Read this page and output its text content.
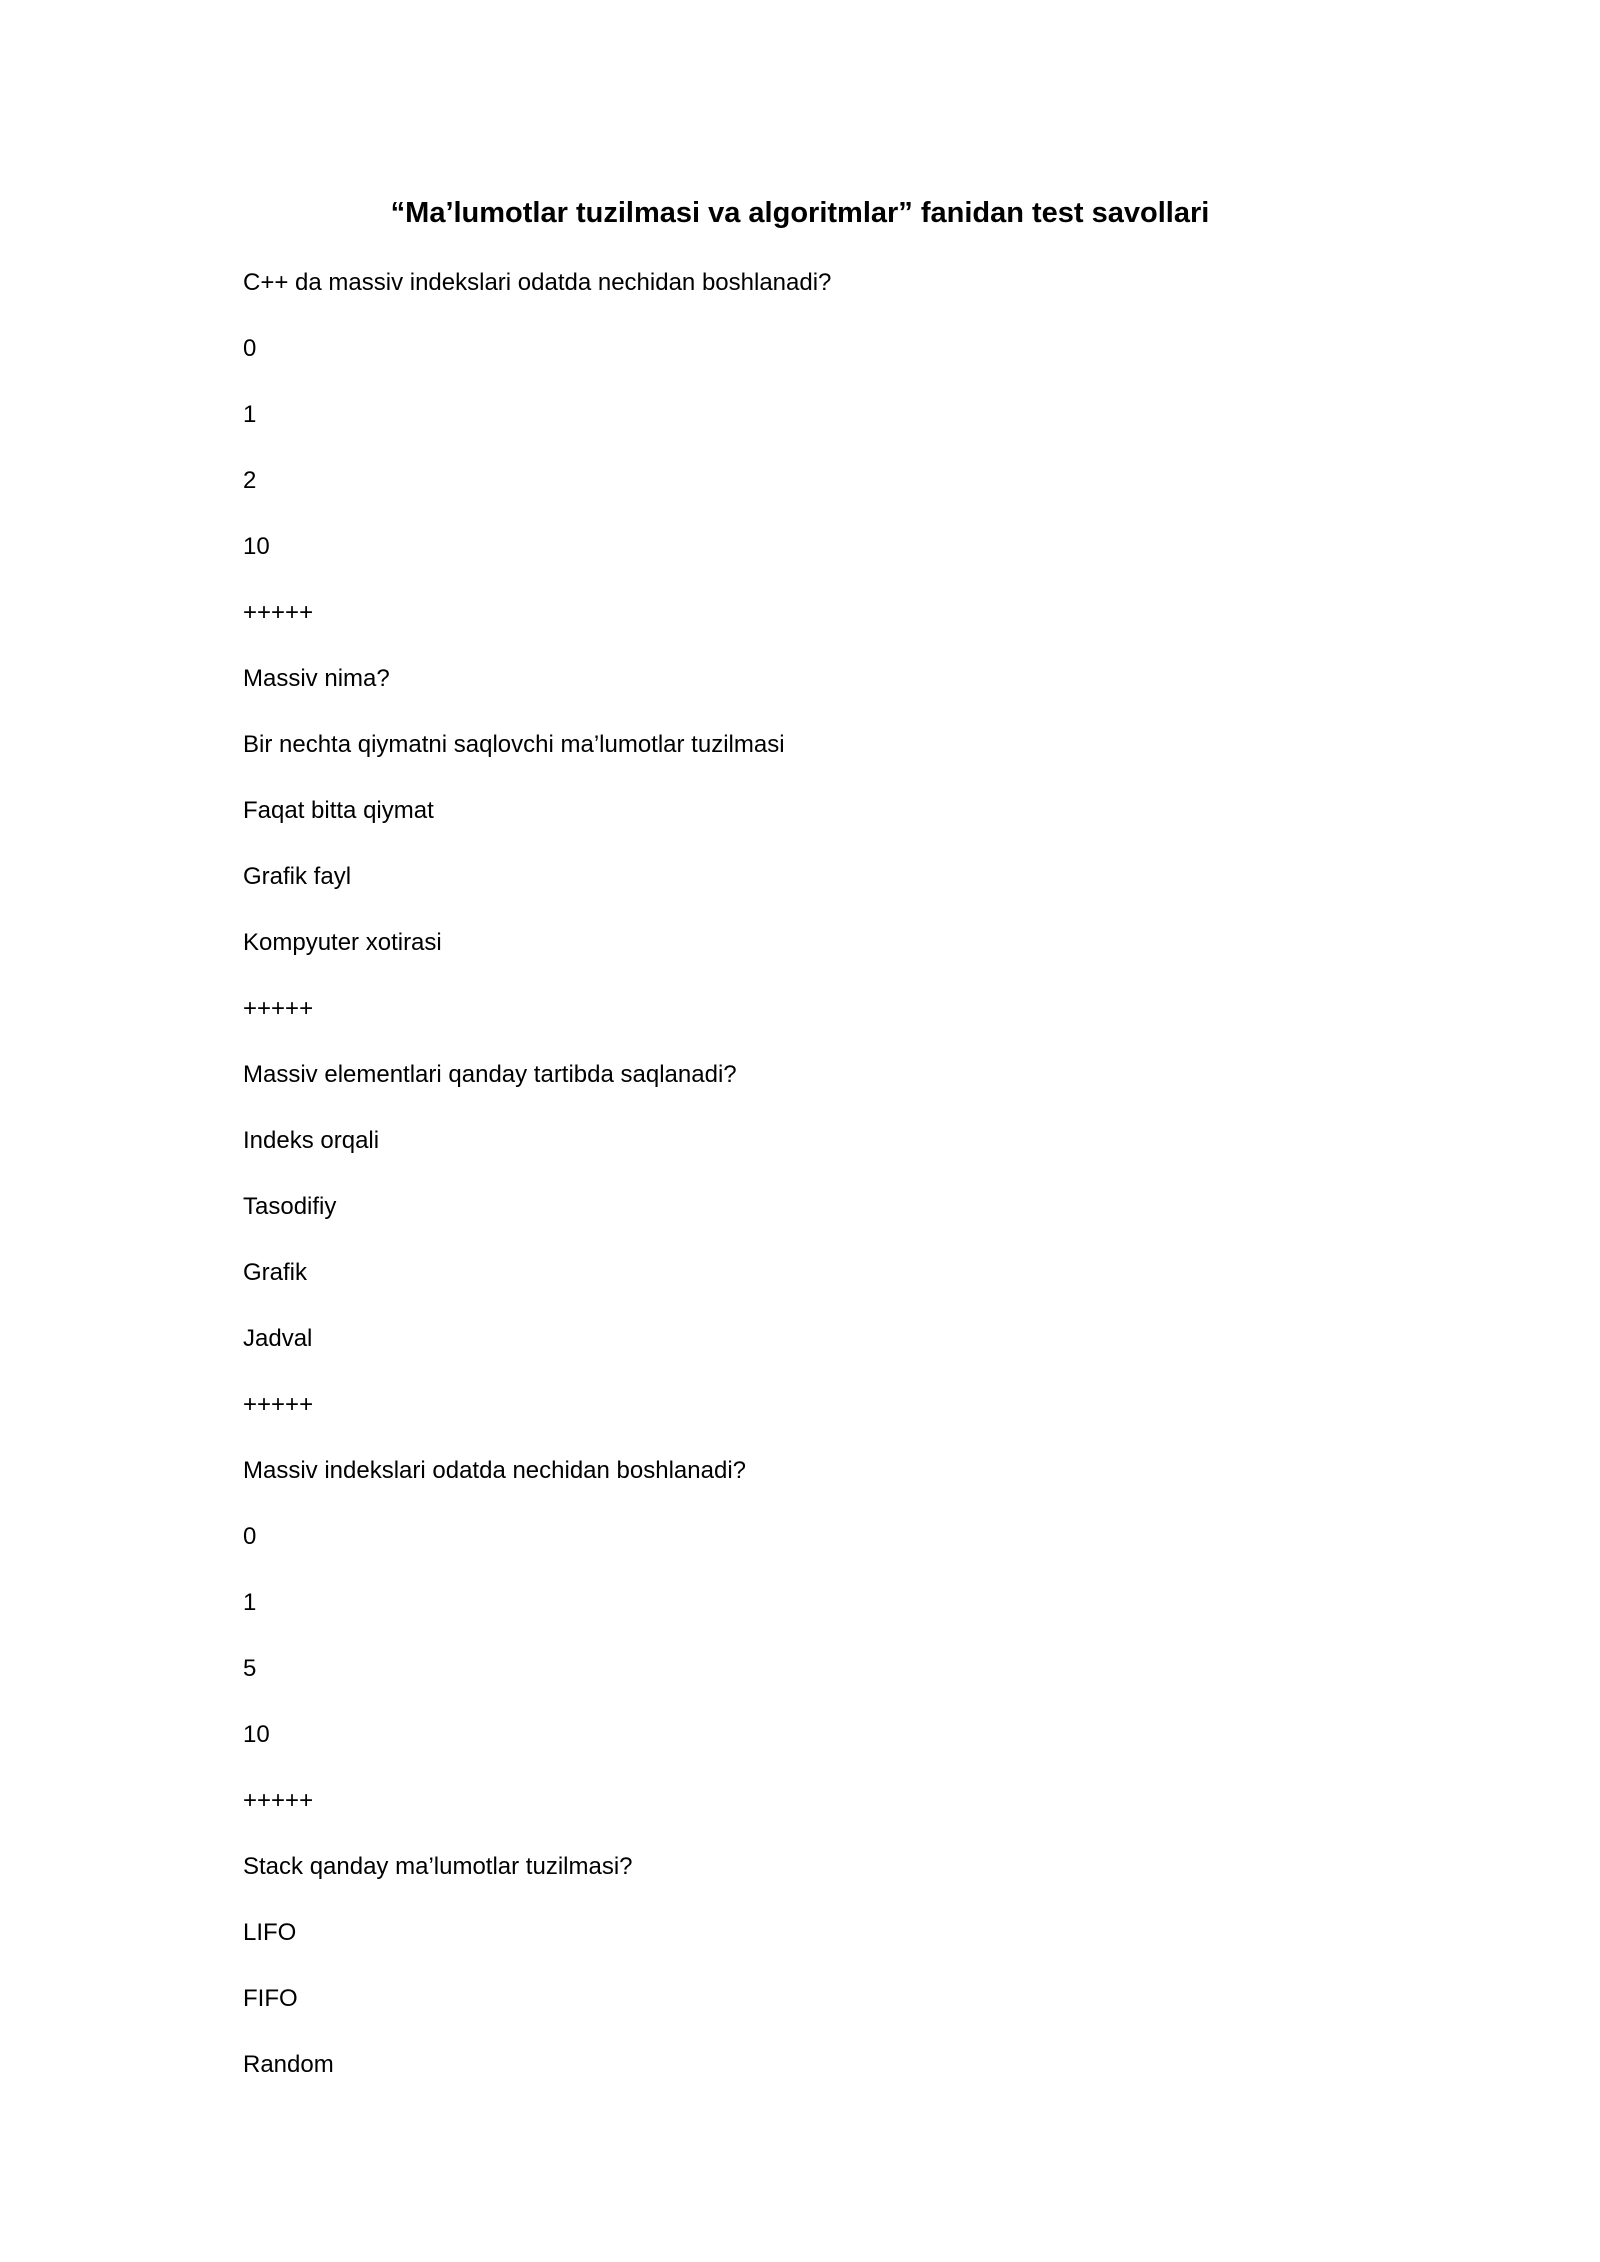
“Ma’lumotlar tuzilmasi va algoritmlar” fanidan test savollari
C++ da massiv indekslari odatda nechidan boshlanadi?
0
1
2
10
+++++
Massiv nima?
Bir nechta qiymatni saqlovchi ma’lumotlar tuzilmasi
Faqat bitta qiymat
Grafik fayl
Kompyuter xotirasi
+++++
Massiv elementlari qanday tartibda saqlanadi?
Indeks orqali
Tasodifiy
Grafik
Jadval
+++++
Massiv indekslari odatda nechidan boshlanadi?
0
1
5
10
+++++
Stack qanday ma’lumotlar tuzilmasi?
LIFO
FIFO
Random
